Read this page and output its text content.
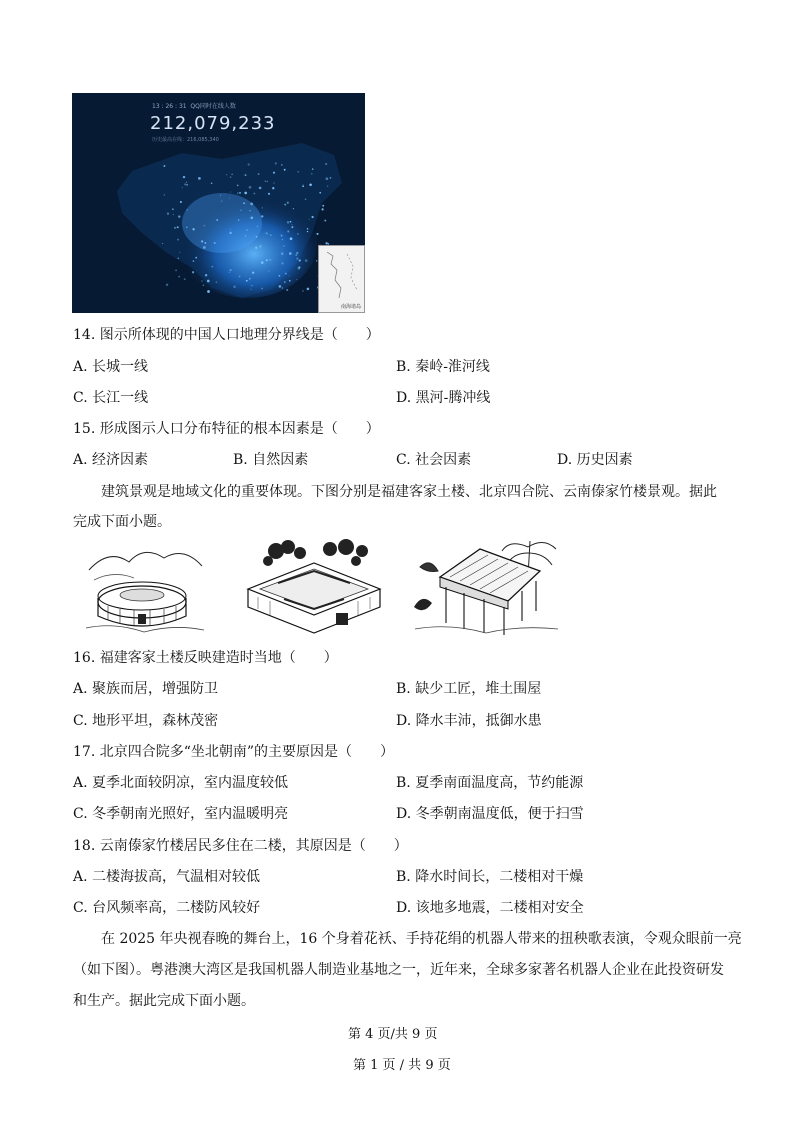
13 : 26 : 31 QQ同时在线人数
212,079,233
历史最高在线：216,085,340
南海诸岛
14. 图示所体现的中国人口地理分界线是（　　）
A. 长城一线	B. 秦岭-淮河线
C. 长江一线	D. 黑河-腾冲线
15. 形成图示人口分布特征的根本因素是（　　）
A. 经济因素	B. 自然因素	C. 社会因素	D. 历史因素
建筑景观是地域文化的重要体现。下图分别是福建客家土楼、北京四合院、云南傣家竹楼景观。据此
完成下面小题。
16. 福建客家土楼反映建造时当地（　　）
A. 聚族而居，增强防卫	B. 缺少工匠，堆土围屋
C. 地形平坦，森林茂密	D. 降水丰沛，抵御水患
17. 北京四合院多“坐北朝南”的主要原因是（　　）
A. 夏季北面较阴凉，室内温度较低	B. 夏季南面温度高，节约能源
C. 冬季朝南光照好，室内温暖明亮	D. 冬季朝南温度低，便于扫雪
18. 云南傣家竹楼居民多住在二楼，其原因是（　　）
A. 二楼海拔高，气温相对较低	B. 降水时间长，二楼相对干燥
C. 台风频率高，二楼防风较好	D. 该地多地震，二楼相对安全
在 2025 年央视春晚的舞台上，16 个身着花袄、手持花绢的机器人带来的扭秧歌表演，令观众眼前一亮
（如下图）。粤港澳大湾区是我国机器人制造业基地之一，近年来，全球多家著名机器人企业在此投资研发
和生产。据此完成下面小题。
第 4 页/共 9 页
第 1 页 / 共 9 页
